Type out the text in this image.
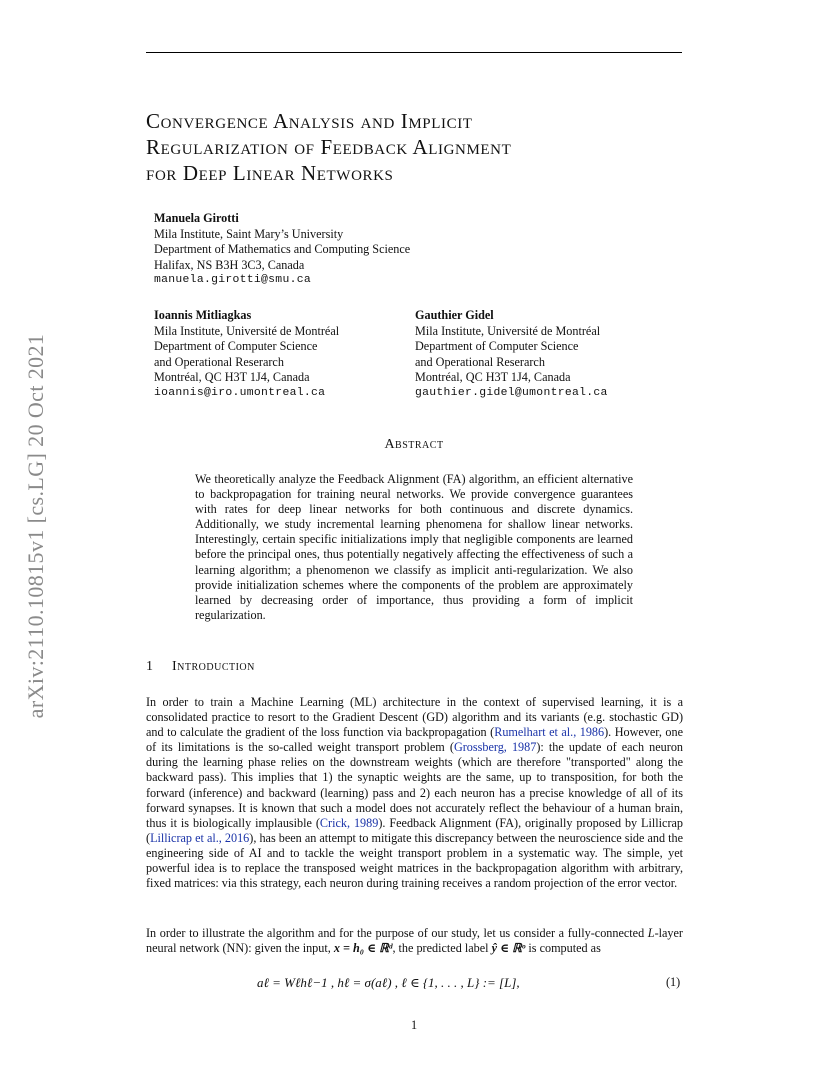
arXiv:2110.10815v1 [cs.LG] 20 Oct 2021
Convergence Analysis and Implicit
Regularization of Feedback Alignment
for Deep Linear Networks
Manuela Girotti
Mila Institute, Saint Mary’s University
Department of Mathematics and Computing Science
Halifax, NS B3H 3C3, Canada
manuela.girotti@smu.ca
Ioannis Mitliagkas
Mila Institute, Université de Montréal
Department of Computer Science
and Operational Reserarch
Montréal, QC H3T 1J4, Canada
ioannis@iro.umontreal.ca
Gauthier Gidel
Mila Institute, Université de Montréal
Department of Computer Science
and Operational Reserarch
Montréal, QC H3T 1J4, Canada
gauthier.gidel@umontreal.ca
Abstract
We theoretically analyze the Feedback Alignment (FA) algorithm, an efficient alternative to backpropagation for training neural networks. We provide convergence guarantees with rates for deep linear networks for both continuous and discrete dynamics. Additionally, we study incremental learning phenomena for shallow linear networks. Interestingly, certain specific initializations imply that negligible components are learned before the principal ones, thus potentially negatively affecting the effectiveness of such a learning algorithm; a phenomenon we classify as implicit anti-regularization. We also provide initialization schemes where the components of the problem are approximately learned by decreasing order of importance, thus providing a form of implicit regularization.
1 Introduction
In order to train a Machine Learning (ML) architecture in the context of supervised learning, it is a consolidated practice to resort to the Gradient Descent (GD) algorithm and its variants (e.g. stochastic GD) and to calculate the gradient of the loss function via backpropagation (Rumelhart et al., 1986). However, one of its limitations is the so-called weight transport problem (Grossberg, 1987): the update of each neuron during the learning phase relies on the downstream weights (which are therefore "transported" along the backward pass). This implies that 1) the synaptic weights are the same, up to transposition, for both the forward (inference) and backward (learning) pass and 2) each neuron has a precise knowledge of all of its forward synapses. It is known that such a model does not accurately reflect the behaviour of a human brain, thus it is biologically implausible (Crick, 1989). Feedback Alignment (FA), originally proposed by Lillicrap (Lillicrap et al., 2016), has been an attempt to mitigate this discrepancy between the neuroscience side and the engineering side of AI and to tackle the weight transport problem in a systematic way. The simple, yet powerful idea is to replace the transposed weight matrices in the backpropagation algorithm with arbitrary, fixed matrices: via this strategy, each neuron during training receives a random projection of the error vector.
In order to illustrate the algorithm and for the purpose of our study, let us consider a fully-connected L-layer neural network (NN): given the input, x = h₀ ∈ ℝᵈ, the predicted label ŷ ∈ ℝᵒ is computed as
aℓ = Wℓhℓ−1 , hℓ = σ(aℓ) , ℓ ∈ {1, . . . , L} := [L],	(1)
1
